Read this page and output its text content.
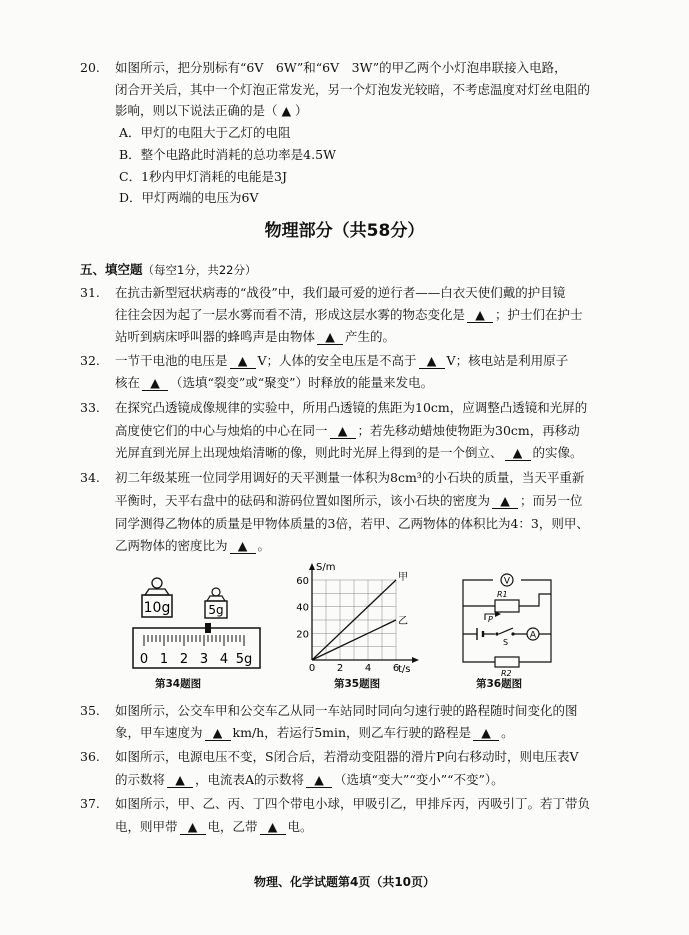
20. 如图所示，把分别标有“6V　6W”和“6V　3W”的甲乙两个小灯泡串联接入电路，
闭合开关后，其中一个灯泡正常发光，另一个灯泡发光较暗，不考虑温度对灯丝电阻的
影响，则以下说法正确的是（ ▲ ）
A．甲灯的电阻大于乙灯的电阻
B．整个电路此时消耗的总功率是4.5W
C．1秒内甲灯消耗的电能是3J
D．甲灯两端的电压为6V
物理部分（共58分）
五、填空题（每空1分，共22分）
31. 在抗击新型冠状病毒的“战役”中，我们最可爱的逆行者——白衣天使们戴的护目镜
往往会因为起了一层水雾而看不清，形成这层水雾的物态变化是 ▲ ；护士们在护士
站听到病床呼叫器的蜂鸣声是由物体 ▲ 产生的。
32. 一节干电池的电压是 ▲ V；人体的安全电压是不高于 ▲ V；核电站是利用原子
核在 ▲ （选填“裂变”或“聚变”）时释放的能量来发电。
33. 在探究凸透镜成像规律的实验中，所用凸透镜的焦距为10cm，应调整凸透镜和光屏的
高度使它们的中心与烛焰的中心在同一 ▲ ；若先移动蜡烛使物距为30cm，再移动
光屏直到光屏上出现烛焰清晰的像，则此时光屏上得到的是一个倒立、 ▲ 的实像。
34. 初二年级某班一位同学用调好的天平测量一体积为8cm³的小石块的质量，当天平重新
平衡时，天平右盘中的砝码和游码位置如图所示，该小石块的密度为 ▲ ；而另一位
同学测得乙物体的质量是甲物体质量的3倍，若甲、乙两物体的体积比为4：3，则甲、
乙两物体的密度比为 ▲ 。
10g	5g
0 1 2 3 4 5g
第34题图
S/m
t/s
0 2 4 6
20
40
60	甲
乙
第35题图
V
R1
P
S
A
R2
第36题图
35. 如图所示，公交车甲和公交车乙从同一车站同时同向匀速行驶的路程随时间变化的图
象，甲车速度为 ▲ km/h，若运行5min，则乙车行驶的路程是 ▲ 。
36. 如图所示，电源电压不变，S闭合后，若滑动变阻器的滑片P向右移动时，则电压表V
的示数将 ▲ ，电流表A的示数将 ▲ （选填“变大”“变小”“不变”）。
37. 如图所示，甲、乙、丙、丁四个带电小球，甲吸引乙，甲排斥丙，丙吸引丁。若丁带负
电，则甲带 ▲ 电，乙带 ▲ 电。
物理、化学试题第4页（共10页）
